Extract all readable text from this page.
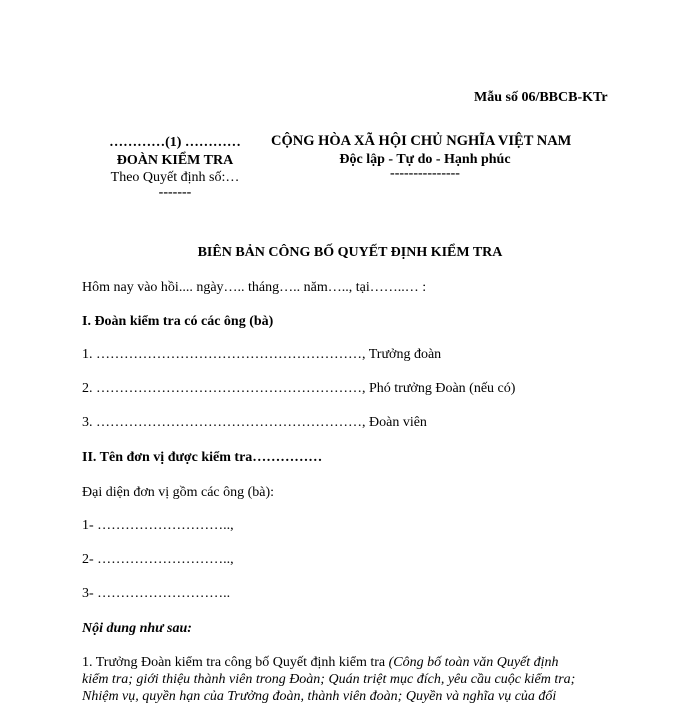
Mẫu số 06/BBCB-KTr
…………(1) …………
ĐOÀN KIỂM TRA
Theo Quyết định số:…
-------
CỘNG HÒA XÃ HỘI CHỦ NGHĨA VIỆT NAM
Độc lập - Tự do - Hạnh phúc
---------------
BIÊN BẢN CÔNG BỐ QUYẾT ĐỊNH KIỂM TRA
Hôm nay vào hồi.... ngày….. tháng….. năm….., tại……..… :
I. Đoàn kiểm tra có các ông (bà)
1. …………………………………………………, Trưởng đoàn
2. …………………………………………………, Phó trưởng Đoàn (nếu có)
3. …………………………………………………, Đoàn viên
II. Tên đơn vị được kiểm tra……………
Đại diện đơn vị gồm các ông (bà):
1- ………………………..,
2- ………………………..,
3- ………………………..
Nội dung như sau:
1. Trưởng Đoàn kiểm tra công bố Quyết định kiểm tra (Công bố toàn văn Quyết định
kiểm tra; giới thiệu thành viên trong Đoàn; Quán triệt mục đích, yêu cầu cuộc kiểm tra;
Nhiệm vụ, quyền hạn của Trưởng đoàn, thành viên đoàn; Quyền và nghĩa vụ của đối
